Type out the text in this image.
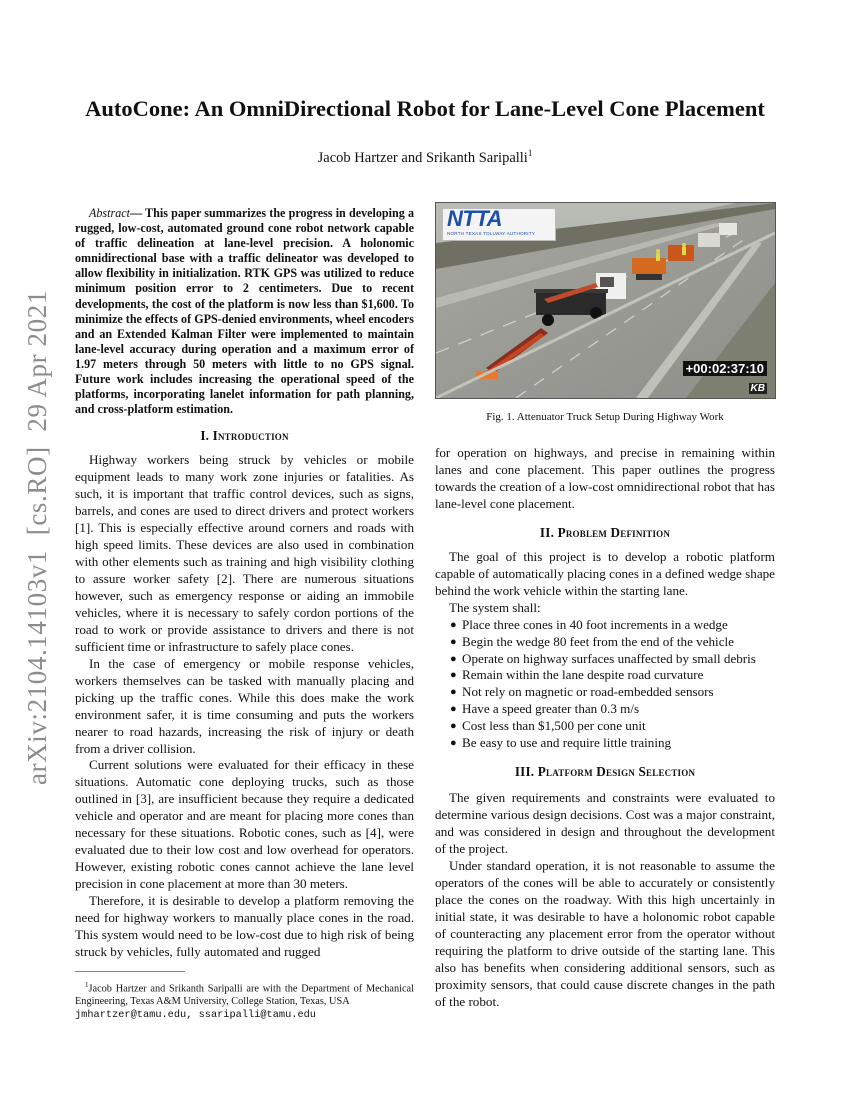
arXiv:2104.14103v1  [cs.RO]  29 Apr 2021
AutoCone: An OmniDirectional Robot for Lane-Level Cone Placement
Jacob Hartzer and Srikanth Saripalli$^1$

Abstract— This paper summarizes the progress in developing a rugged, low-cost, automated ground cone robot network capable of traffic delineation at lane-level precision. A holonomic omnidirectional base with a traffic delineator was developed to allow flexibility in initialization. RTK GPS was utilized to reduce minimum position error to 2 centimeters. Due to recent developments, the cost of the platform is now less than $1,600. To minimize the effects of GPS-denied environments, wheel encoders and an Extended Kalman Filter were implemented to maintain lane-level accuracy during operation and a maximum error of 1.97 meters through 50 meters with little to no GPS signal. Future work includes increasing the operational speed of the platforms, incorporating lanelet information for path planning, and cross-platform estimation.

I. Introduction

Highway workers being struck by vehicles or mobile equipment leads to many work zone injuries or fatalities. As such, it is important that traffic control devices, such as signs, barrels, and cones are used to direct drivers and protect workers [1]. This is especially effective around corners and roads with high speed limits. These devices are also used in combination with other elements such as training and high visibility clothing to assure worker safety [2]. There are numerous situations however, such as emergency response or aiding an immobile vehicles, where it is necessary to safely cordon portions of the road to work or provide assistance to drivers and there is not sufficient time or infrastructure to safely place cones.

In the case of emergency or mobile response vehicles, workers themselves can be tasked with manually placing and picking up the traffic cones. While this does make the work environment safer, it is time consuming and puts the workers nearer to road hazards, increasing the risk of injury or death from a driver collision.

Current solutions were evaluated for their efficacy in these situations. Automatic cone deploying trucks, such as those outlined in [3], are insufficient because they require a dedicated vehicle and operator and are meant for placing more cones than necessary for these situations. Robotic cones, such as [4], were evaluated due to their low cost and low overhead for operators. However, existing robotic cones cannot achieve the lane level precision in cone placement at more than 30 meters.

Therefore, it is desirable to develop a platform removing the need for highway workers to manually place cones in the road. This system would need to be low-cost due to high risk of being struck by vehicles, fully automated and rugged

$^1$Jacob Hartzer and Srikanth Saripalli are with the Department of Mechanical Engineering, Texas A&M University, College Station, Texas, USA
jmhartzer@tamu.edu, ssaripalli@tamu.edu

NTTA
NORTH TEXAS TOLLWAY AUTHORITY
+00:02:37:10
KB
Fig. 1. Attenuator Truck Setup During Highway Work

for operation on highways, and precise in remaining within lanes and cone placement. This paper outlines the progress towards the creation of a low-cost omnidirectional robot that has lane-level cone placement.

II. Problem Definition

The goal of this project is to develop a robotic platform capable of automatically placing cones in a defined wedge shape behind the work vehicle within the starting lane.

The system shall:

● Place three cones in 40 foot increments in a wedge
● Begin the wedge 80 feet from the end of the vehicle
● Operate on highway surfaces unaffected by small debris
● Remain within the lane despite road curvature
● Not rely on magnetic or road-embedded sensors
● Have a speed greater than 0.3 m/s
● Cost less than $1,500 per cone unit
● Be easy to use and require little training
III. Platform Design Selection

The given requirements and constraints were evaluated to determine various design decisions. Cost was a major constraint, and was considered in design and throughout the development of the project.

Under standard operation, it is not reasonable to assume the operators of the cones will be able to accurately or consistently place the cones on the roadway. With this high uncertainly in initial state, it was desirable to have a holonomic robot capable of counteracting any placement error from the operator without requiring the platform to drive outside of the starting lane. This also has benefits when considering additional sensors, such as proximity sensors, that could cause discrete changes in the path of the robot.
